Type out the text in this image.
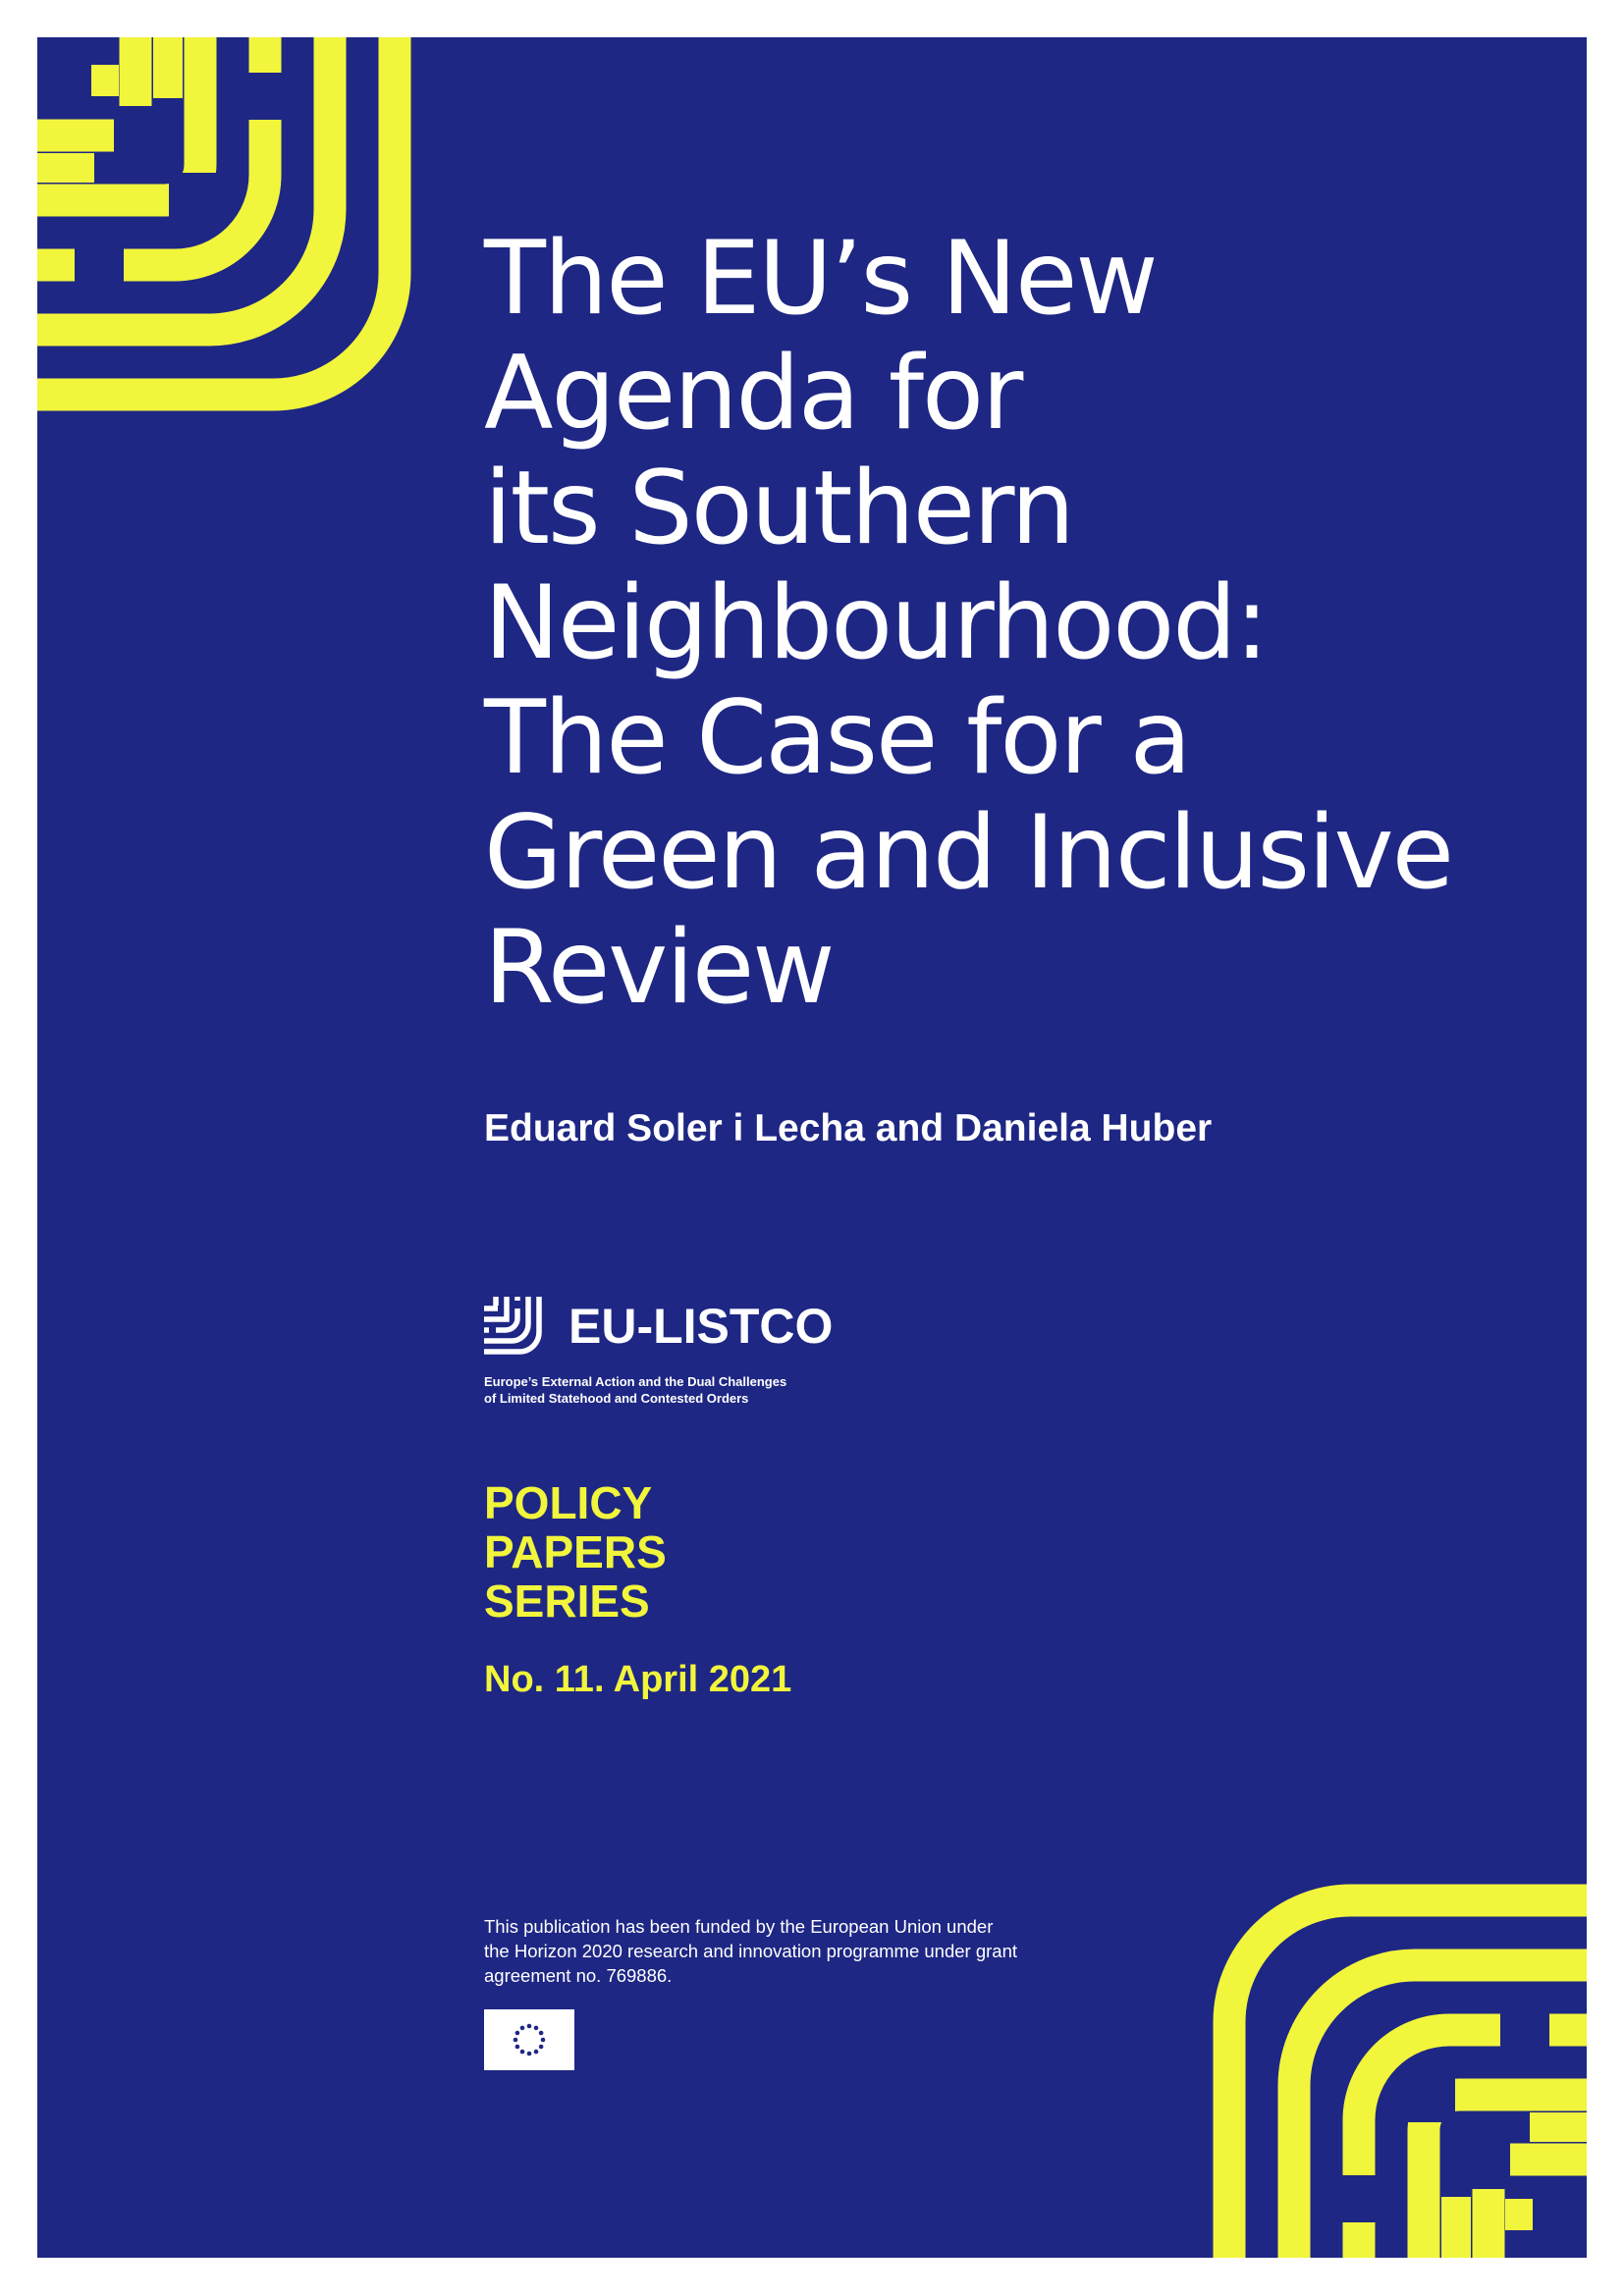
The EU’s New
Agenda for
its Southern
Neighbourhood:
The Case for a
Green and Inclusive
Review
Eduard Soler i Lecha and Daniela Huber
EU-LISTCO
Europe’s External Action and the Dual Challenges
of Limited Statehood and Contested Orders
POLICY
PAPERS
SERIES
No. 11. April 2021
This publication has been funded by the European Union under
the Horizon 2020 research and innovation programme under grant
agreement no. 769886.
